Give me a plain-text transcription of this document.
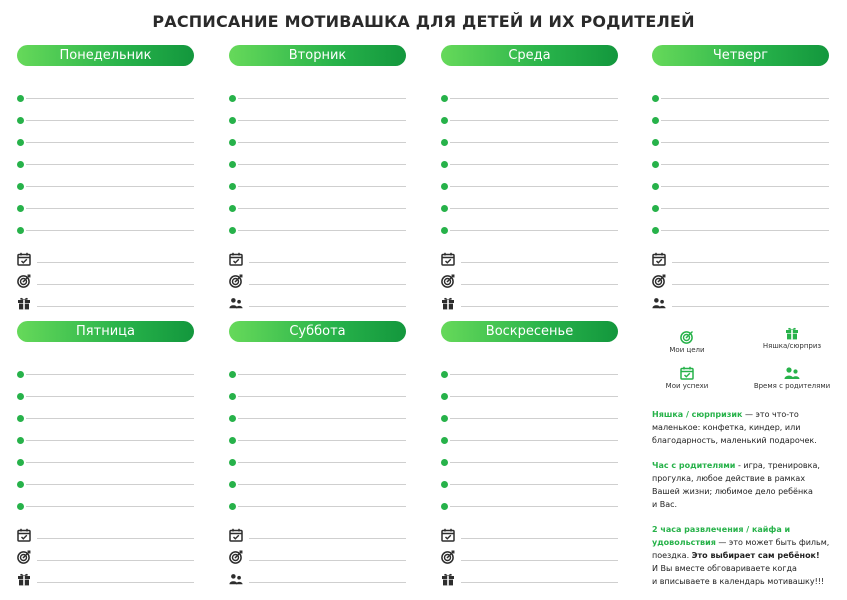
РАСПИСАНИЕ МОТИВАШКА ДЛЯ ДЕТЕЙ И ИХ РОДИТЕЛЕЙ
Понедельник	Вторник	Среда	Четверг
Пятница	Суббота	Воскресенье
Мои цели	Няшка/сюрприз
Мои успехи	Время с родителями
Няшка / сюрпризик — это что-то
маленькое: конфетка, киндер, или
благодарность, маленький подарочек.
Час с родителями - игра, тренировка,
прогулка, любое действие в рамках
Вашей жизни; любимое дело ребёнка
и Вас.
2 часа развлечения / кайфа и
удовольствия — это может быть фильм,
поездка. Это выбирает сам ребёнок!
И Вы вместе обговариваете когда
и вписываете в календарь мотивашку!!!
